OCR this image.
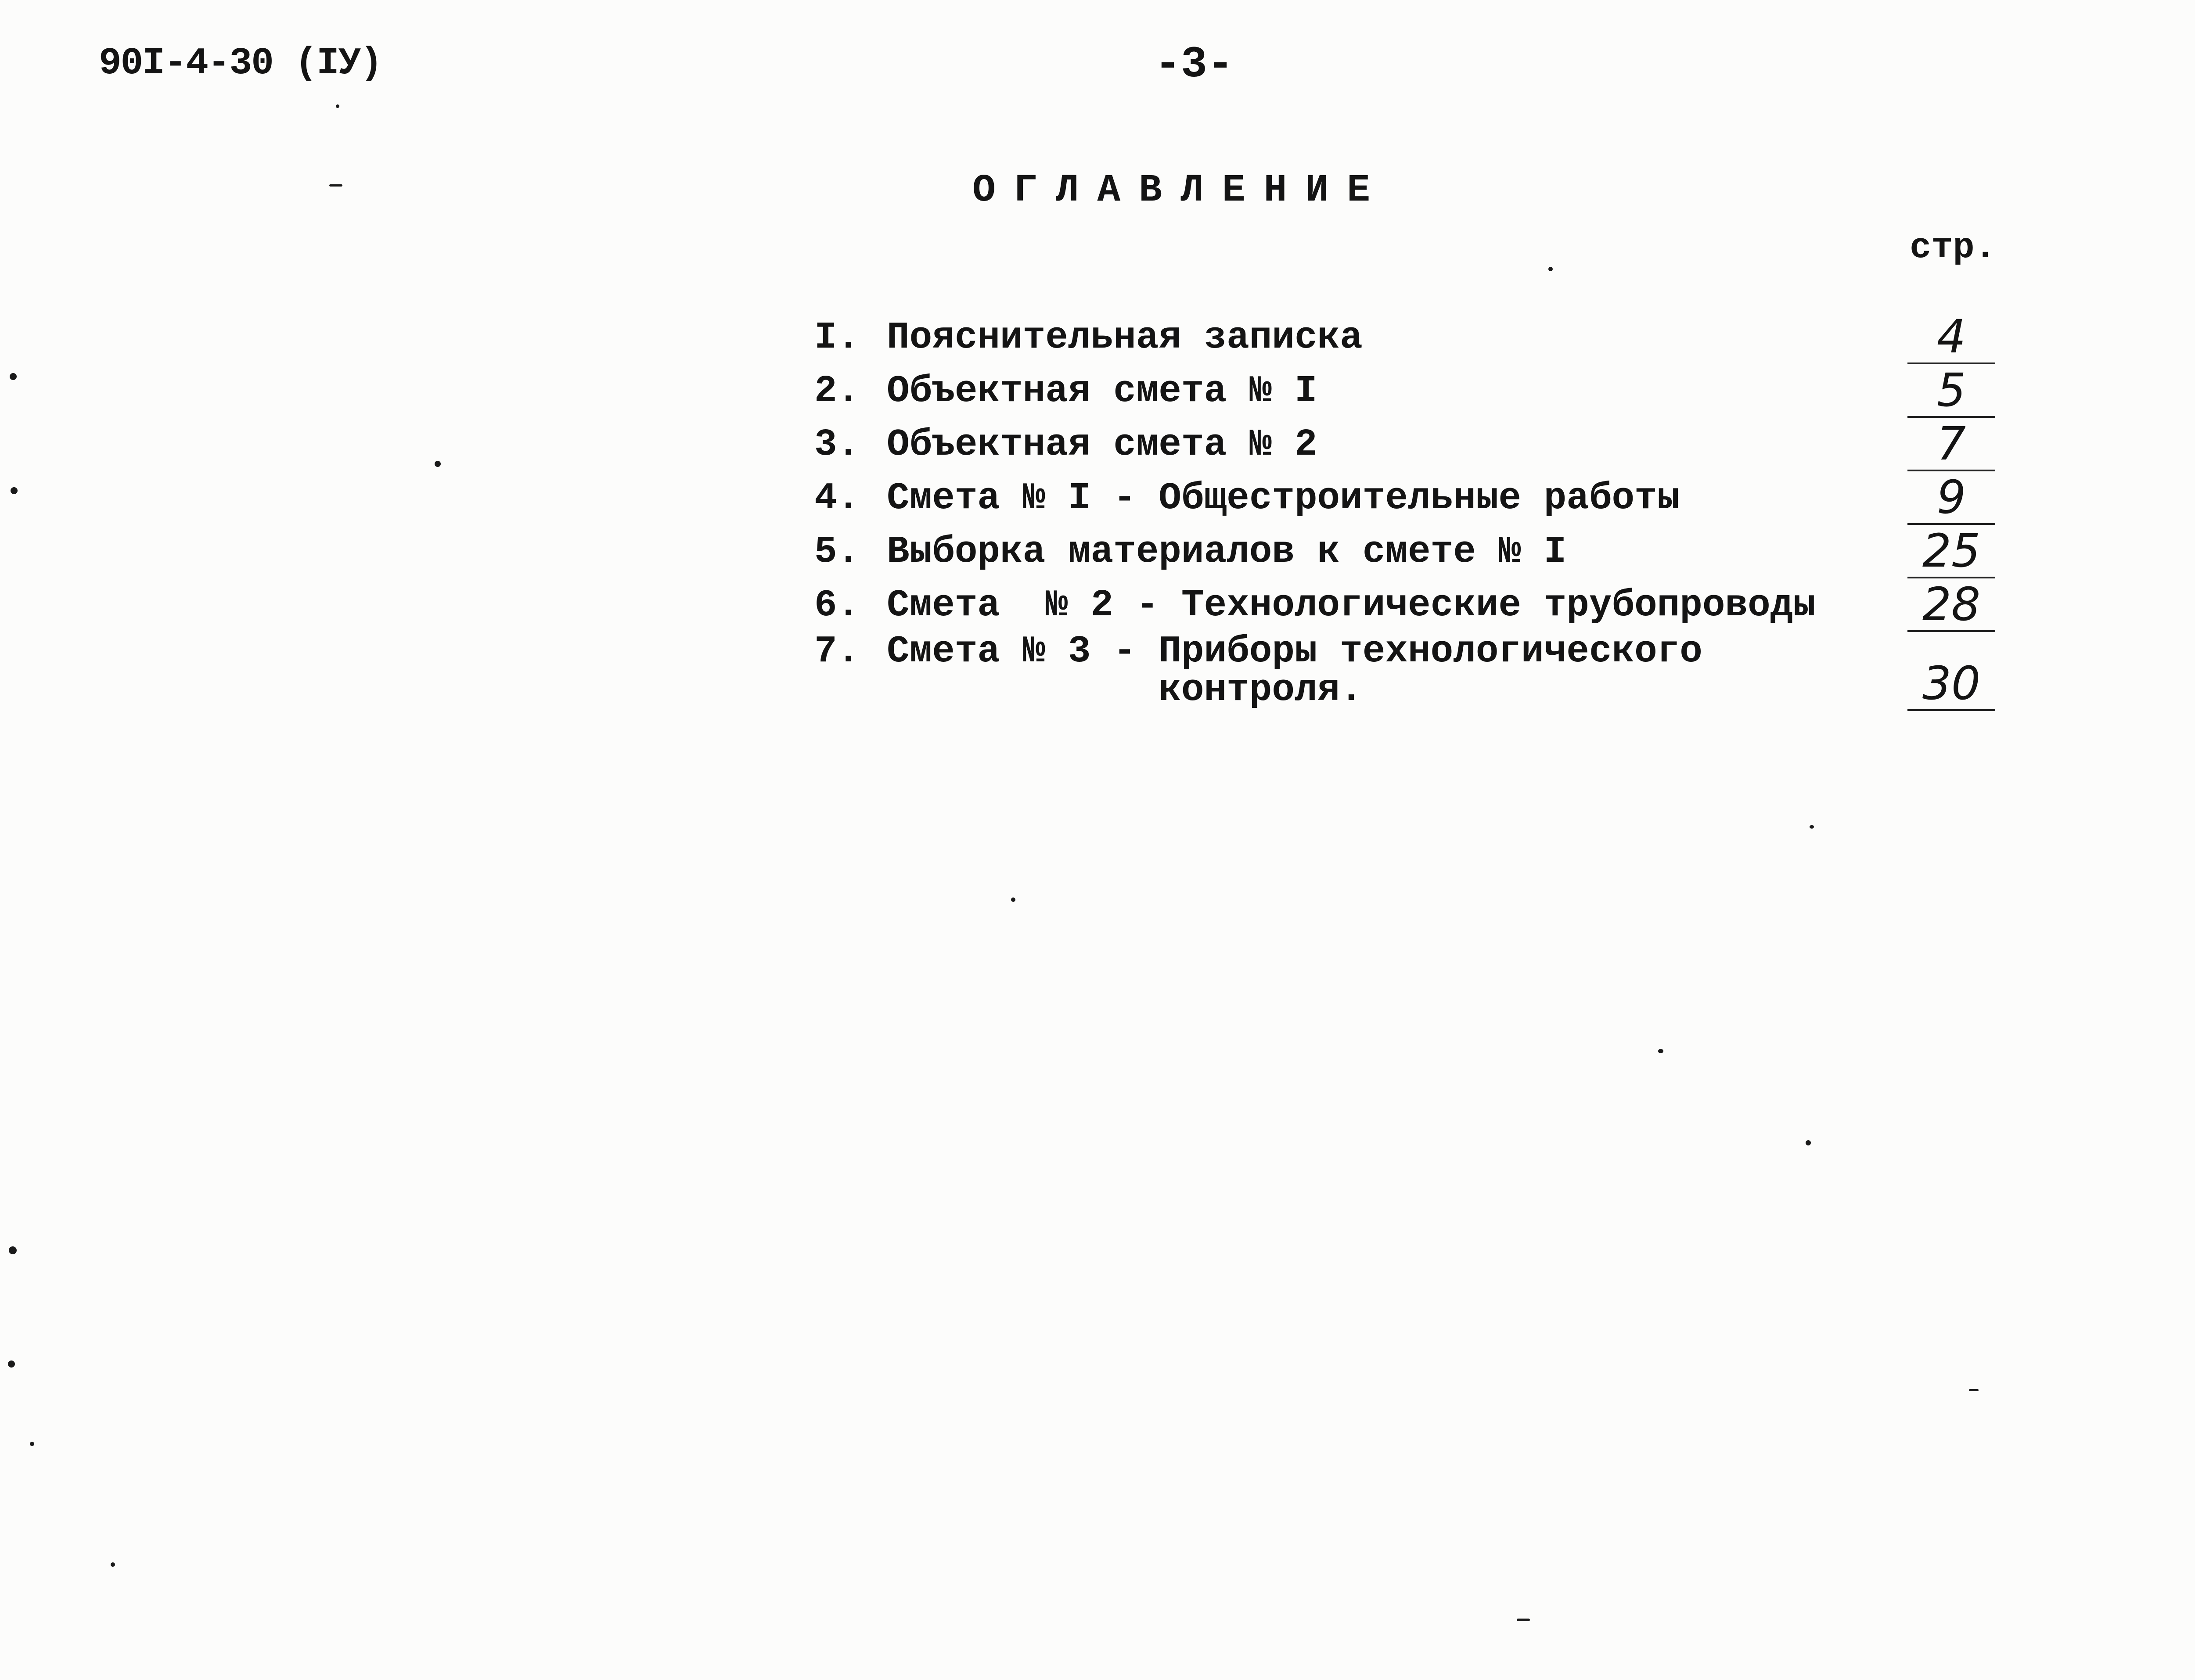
90I-4-30 (IУ)	-3-
ОГЛАВЛЕНИЕ
стр.
I. Пояснительная записка
2. Объектная смета № I
3. Объектная смета № 2
4. Смета № I - Общестроительные работы
5. Выборка материалов к смете № I
6. Смета  № 2 - Технологические трубопроводы
7. Смета № 3 - Приборы технологического
контроля.
4
5
7
9
25
28
30
